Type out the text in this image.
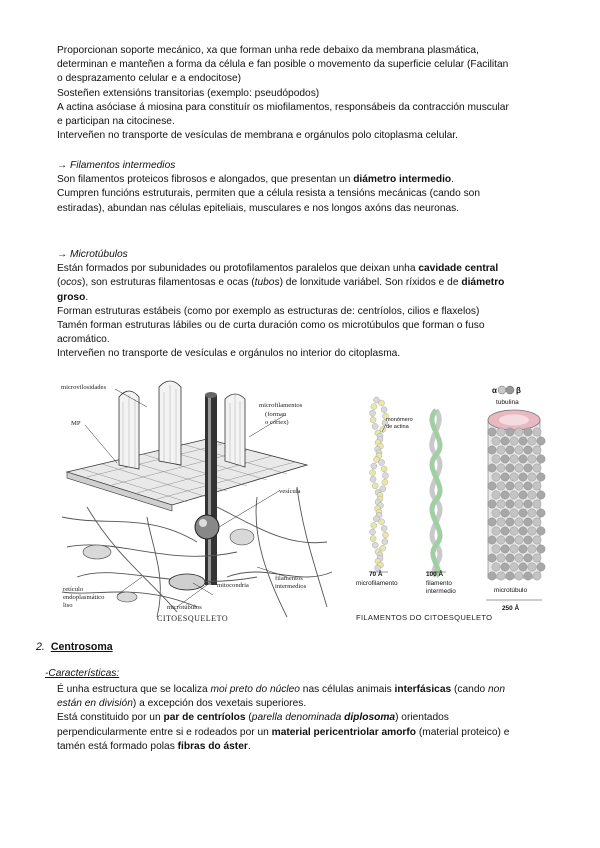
Proporcionan soporte mecánico, xa que forman unha rede debaixo da membrana plasmática,

determinan e manteñen a forma da célula e fan posible o movemento da superficie celular (Facilitan

o desprazamento celular e a endocitose)

Sosteñen extensións transitorias (exemplo: pseudópodos)

A actina asóciase á miosina para constituír os miofilamentos, responsábeis da contracción muscular

e participan na citocinese.

Interveñen no transporte de vesículas de membrana e orgánulos polo citoplasma celular.

→ Filamentos intermedios

Son filamentos proteicos fibrosos e alongados, que presentan un diámetro intermedio.

Cumpren funcións estruturais, permiten que a célula resista a tensións mecánicas (cando son

estiradas), abundan nas células epiteliais, musculares e nos longos axóns das neuronas.

→ Microtúbulos

Están formados por subunidades ou protofilamentos paralelos que deixan unha cavidade central

(ocos), son estruturas filamentosas e ocas (tubos) de lonxitude variábel. Son ríxidos e de diámetro

groso.

Forman estruturas estábeis (como por exemplo as estructuras de: centríolos, cilios e flaxelos)

Tamén forman estruturas lábiles ou de curta duración como os microtúbulos que forman o fuso

acromático.

Interveñen no transporte de vesículas e orgánulos no interior do citoplasma.

microvilosidades
MP
microfilamentos
(forman
o córtex)
vesícula
mitocondria
filamentos
intermedios
retículo
endoplasmático
liso	microtúbulos
CITOESQUELETO
α β
tubulina
monómero
de actina
70 Å
microfilamento
100 Å
filamento
intermedio	microtúbulo
250 Å
FILAMENTOS DO CITOESQUELETO
2. Centrosoma
-Características:

É unha estructura que se localiza moi preto do núcleo nas células animais interfásicas (cando non

están en división) a excepción dos vexetais superiores.

Está constituido por un par de centríolos (parella denominada diplosoma) orientados

perpendicularmente entre si e rodeados por un material pericentriolar amorfo (material proteico) e

tamén está formado polas fibras do áster.
